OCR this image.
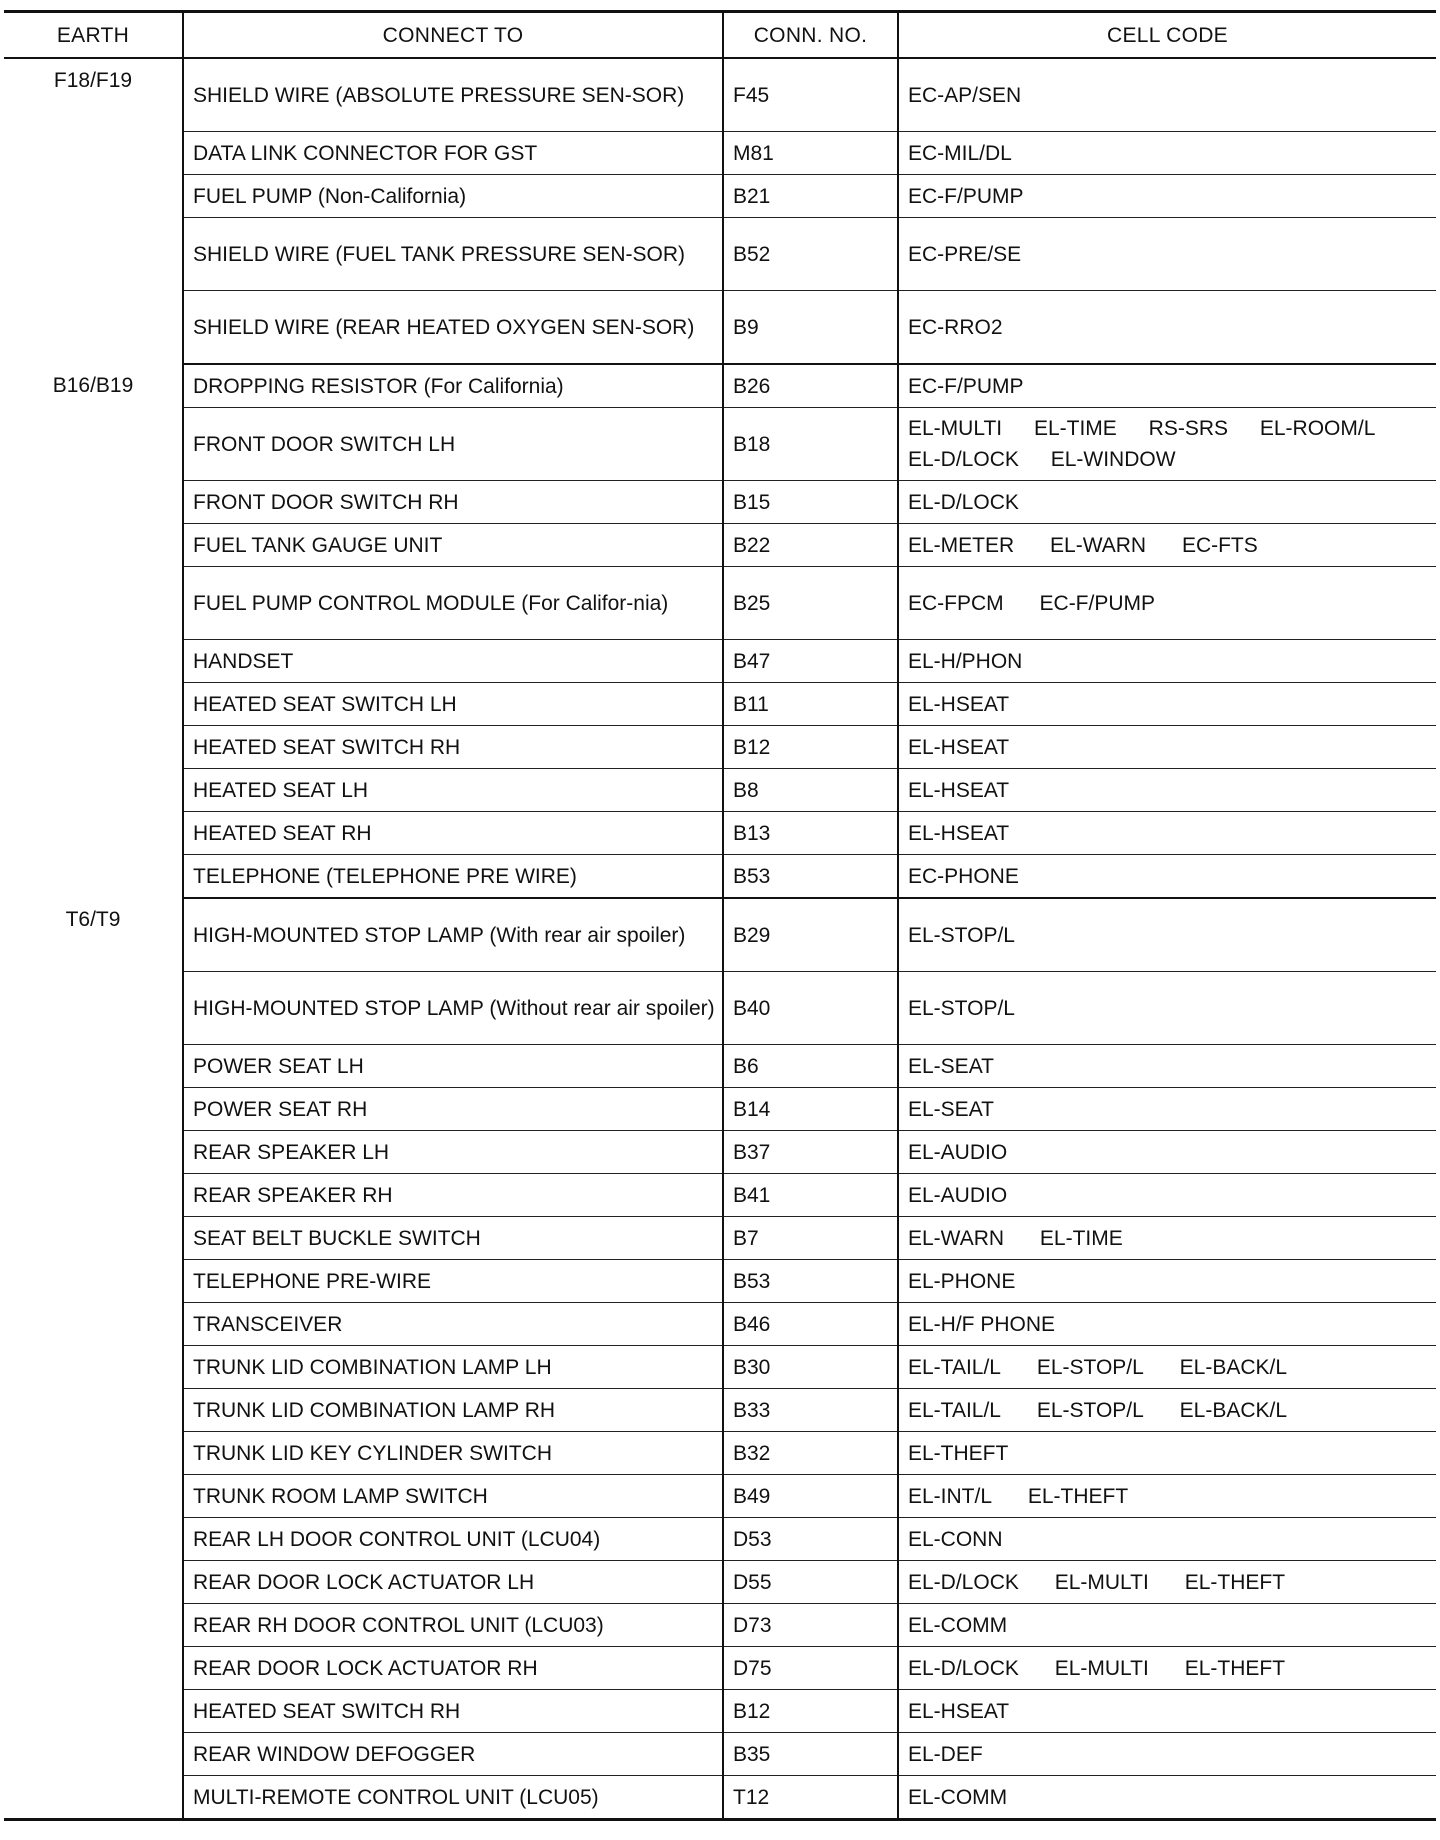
EARTH	CONNECT TO	CONN. NO.	CELL CODE
F18/F19	SHIELD WIRE (ABSOLUTE PRESSURE SEN-SOR)	F45	EC-AP/SEN
	DATA LINK CONNECTOR FOR GST	M81	EC-MIL/DL
	FUEL PUMP (Non-California)	B21	EC-F/PUMP
	SHIELD WIRE (FUEL TANK PRESSURE SEN-SOR)	B52	EC-PRE/SE
	SHIELD WIRE (REAR HEATED OXYGEN SEN-SOR)	B9	EC-RRO2
B16/B19	DROPPING RESISTOR (For California)	B26	EC-F/PUMP
	FRONT DOOR SWITCH LH	B18	EL-MULTI EL-TIME RS-SRS EL-ROOM/L EL-D/LOCK EL-WINDOW
	FRONT DOOR SWITCH RH	B15	EL-D/LOCK
	FUEL TANK GAUGE UNIT	B22	EL-METER EL-WARN EC-FTS
	FUEL PUMP CONTROL MODULE (For Califor-nia)	B25	EC-FPCM EC-F/PUMP
	HANDSET	B47	EL-H/PHON
	HEATED SEAT SWITCH LH	B11	EL-HSEAT
	HEATED SEAT SWITCH RH	B12	EL-HSEAT
	HEATED SEAT LH	B8	EL-HSEAT
	HEATED SEAT RH	B13	EL-HSEAT
	TELEPHONE (TELEPHONE PRE WIRE)	B53	EC-PHONE
T6/T9	HIGH-MOUNTED STOP LAMP (With rear air spoiler)	B29	EL-STOP/L
	HIGH-MOUNTED STOP LAMP (Without rear air spoiler)	B40	EL-STOP/L
	POWER SEAT LH	B6	EL-SEAT
	POWER SEAT RH	B14	EL-SEAT
	REAR SPEAKER LH	B37	EL-AUDIO
	REAR SPEAKER RH	B41	EL-AUDIO
	SEAT BELT BUCKLE SWITCH	B7	EL-WARN EL-TIME
	TELEPHONE PRE-WIRE	B53	EL-PHONE
	TRANSCEIVER	B46	EL-H/F PHONE
	TRUNK LID COMBINATION LAMP LH	B30	EL-TAIL/L EL-STOP/L EL-BACK/L
	TRUNK LID COMBINATION LAMP RH	B33	EL-TAIL/L EL-STOP/L EL-BACK/L
	TRUNK LID KEY CYLINDER SWITCH	B32	EL-THEFT
	TRUNK ROOM LAMP SWITCH	B49	EL-INT/L EL-THEFT
	REAR LH DOOR CONTROL UNIT (LCU04)	D53	EL-CONN
	REAR DOOR LOCK ACTUATOR LH	D55	EL-D/LOCK EL-MULTI EL-THEFT
	REAR RH DOOR CONTROL UNIT (LCU03)	D73	EL-COMM
	REAR DOOR LOCK ACTUATOR RH	D75	EL-D/LOCK EL-MULTI EL-THEFT
	HEATED SEAT SWITCH RH	B12	EL-HSEAT
	REAR WINDOW DEFOGGER	B35	EL-DEF
	MULTI-REMOTE CONTROL UNIT (LCU05)	T12	EL-COMM
